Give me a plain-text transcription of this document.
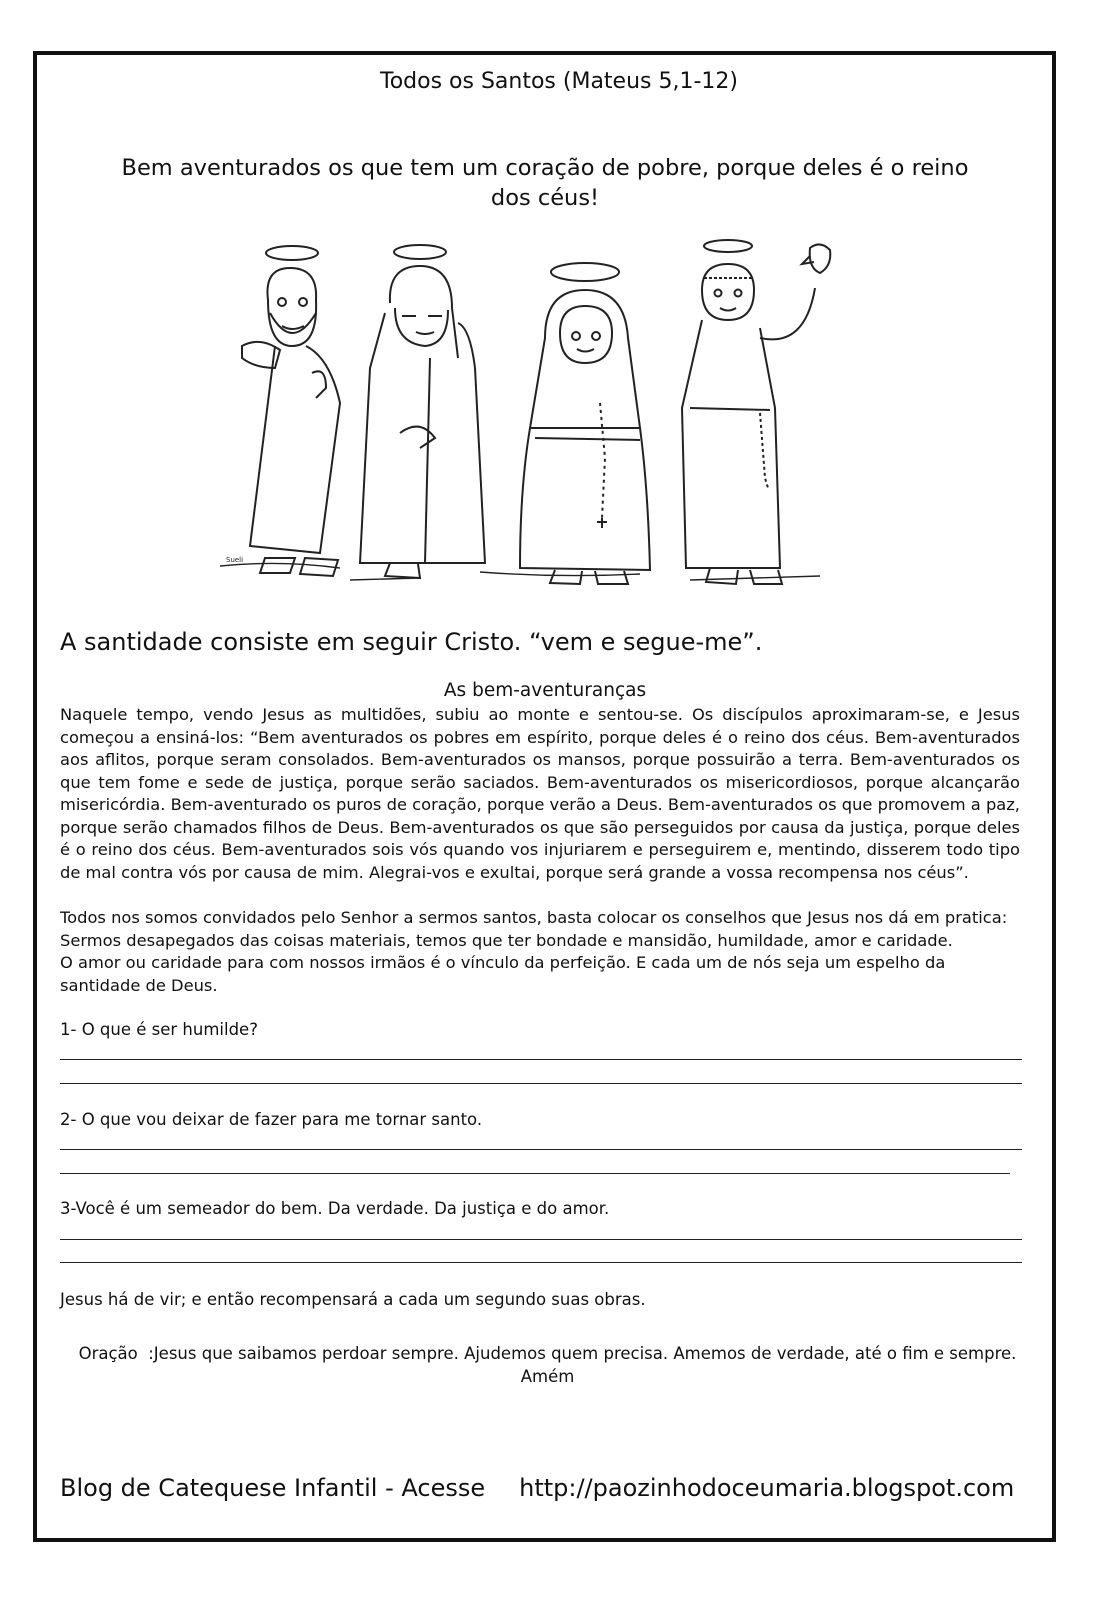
Todos os Santos (Mateus 5,1-12)
Bem aventurados os que tem um coração de pobre, porque deles é o reino dos céus!
Sueli
A santidade consiste em seguir Cristo. “vem e segue-me”.
As bem-aventuranças

Naquele tempo, vendo Jesus as multidões, subiu ao monte e sentou-se. Os discípulos aproximaram-se, e Jesus começou a ensiná-los: “Bem aventurados os pobres em espírito, porque deles é o reino dos céus. Bem-aventurados aos aflitos, porque seram consolados. Bem-aventurados os mansos, porque possuirão a terra. Bem-aventurados os que tem fome e sede de justiça, porque serão saciados. Bem-aventurados os misericordiosos, porque alcançarão misericórdia. Bem-aventurado os puros de coração, porque verão a Deus. Bem-aventurados os que promovem a paz, porque serão chamados filhos de Deus. Bem-aventurados os que são perseguidos por causa da justiça, porque deles é o reino dos céus. Bem-aventurados sois vós quando vos injuriarem e perseguirem e, mentindo, disserem todo tipo de mal contra vós por causa de mim. Alegrai-vos e exultai, porque será grande a vossa recompensa nos céus”.

Todos nos somos convidados pelo Senhor a sermos santos, basta colocar os conselhos que Jesus nos dá em pratica:
Sermos desapegados das coisas materiais, temos que ter bondade e mansidão, humildade, amor e caridade.
O amor ou caridade para com nossos irmãos é o vínculo da perfeição. E cada um de nós seja um espelho da santidade de Deus.
1- O que é ser humilde?
2- O que vou deixar de fazer para me tornar santo.
3-Você é um semeador do bem. Da verdade. Da justiça e do amor.
Jesus há de vir; e então recompensará a cada um segundo suas obras.
Oração :Jesus que saibamos perdoar sempre. Ajudemos quem precisa. Amemos de verdade, até o fim e sempre.
Amém
Blog de Catequese Infantil - Acesse http://paozinhodoceumaria.blogspot.com
